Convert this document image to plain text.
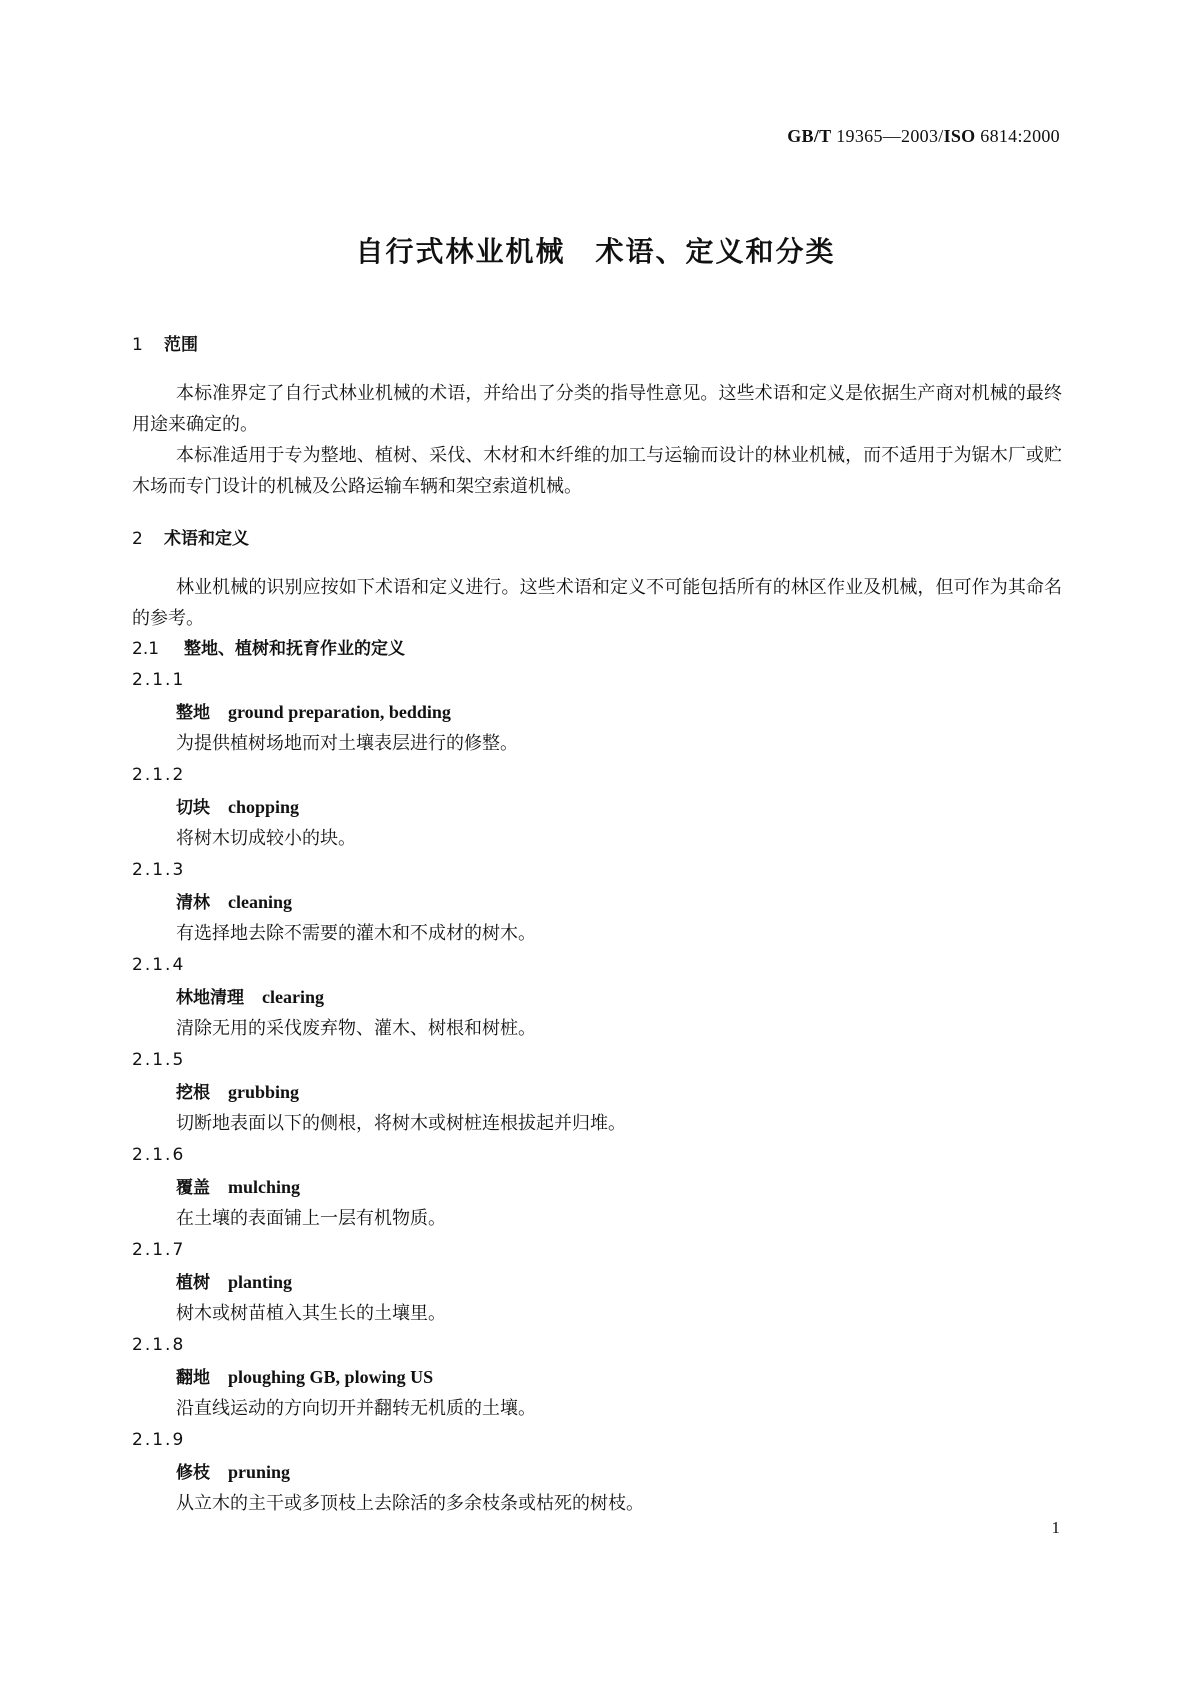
GB/T 19365—2003/ISO 6814:2000
自行式林业机械　术语、定义和分类
1 范围
本标准界定了自行式林业机械的术语，并给出了分类的指导性意见。这些术语和定义是依据生产商对机械的最终用途来确定的。
本标准适用于专为整地、植树、采伐、木材和木纤维的加工与运输而设计的林业机械，而不适用于为锯木厂或贮木场而专门设计的机械及公路运输车辆和架空索道机械。
2 术语和定义
林业机械的识别应按如下术语和定义进行。这些术语和定义不可能包括所有的林区作业及机械，但可作为其命名的参考。
2.1 整地、植树和抚育作业的定义
2.1.1
整地 ground preparation, bedding
为提供植树场地而对土壤表层进行的修整。
2.1.2
切块 chopping
将树木切成较小的块。
2.1.3
清林 cleaning
有选择地去除不需要的灌木和不成材的树木。
2.1.4
林地清理 clearing
清除无用的采伐废弃物、灌木、树根和树桩。
2.1.5
挖根 grubbing
切断地表面以下的侧根，将树木或树桩连根拔起并归堆。
2.1.6
覆盖 mulching
在土壤的表面铺上一层有机物质。
2.1.7
植树 planting
树木或树苗植入其生长的土壤里。
2.1.8
翻地 ploughing GB, plowing US
沿直线运动的方向切开并翻转无机质的土壤。
2.1.9
修枝 pruning
从立木的主干或多顶枝上去除活的多余枝条或枯死的树枝。
1
